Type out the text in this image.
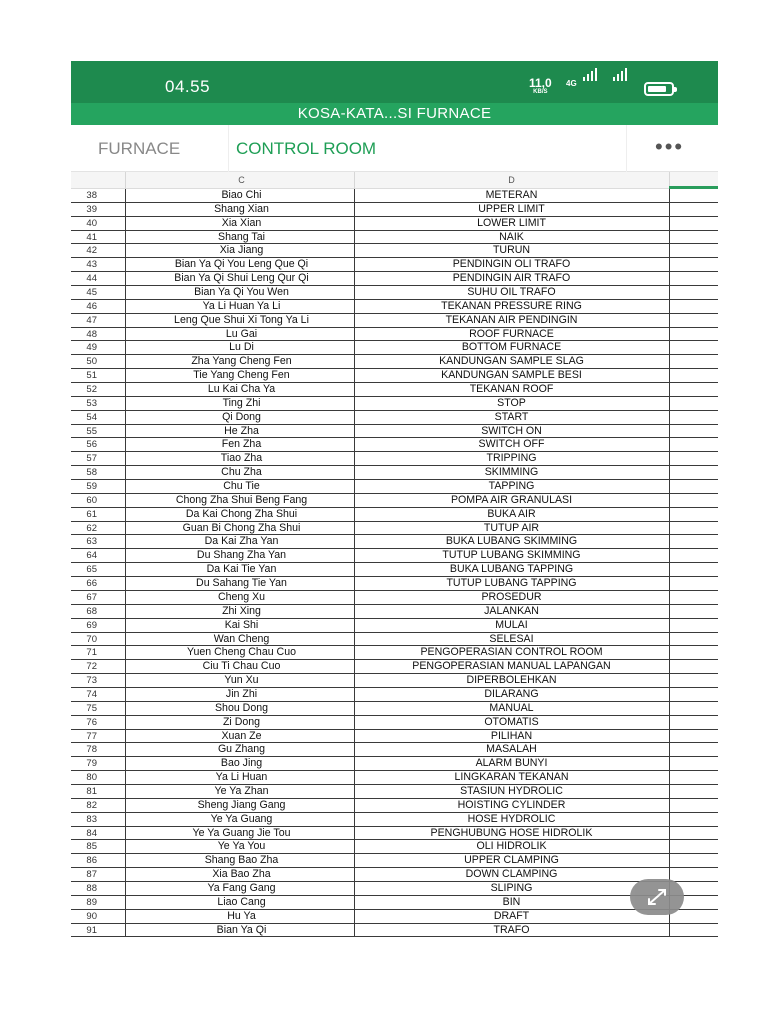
04.55	11,0
KB/S
4G
KOSA-KATA...SI FURNACE
FURNACE	CONTROL ROOM	•••
C	D
38	Biao Chi	METERAN
39	Shang Xian	UPPER LIMIT
40	Xia Xian	LOWER LIMIT
41	Shang Tai	NAIK
42	Xia Jiang	TURUN
43	Bian Ya Qi You Leng Que Qi	PENDINGIN OLI TRAFO
44	Bian Ya Qi Shui Leng Qur Qi	PENDINGIN AIR TRAFO
45	Bian Ya Qi You Wen	SUHU OIL TRAFO
46	Ya Li Huan Ya Li	TEKANAN PRESSURE RING
47	Leng Que Shui Xi Tong Ya Li	TEKANAN AIR PENDINGIN
48	Lu Gai	ROOF FURNACE
49	Lu Di	BOTTOM FURNACE
50	Zha Yang Cheng Fen	KANDUNGAN SAMPLE SLAG
51	Tie Yang Cheng Fen	KANDUNGAN SAMPLE BESI
52	Lu Kai Cha Ya	TEKANAN ROOF
53	Ting Zhi	STOP
54	Qi Dong	START
55	He Zha	SWITCH ON
56	Fen Zha	SWITCH OFF
57	Tiao Zha	TRIPPING
58	Chu Zha	SKIMMING
59	Chu Tie	TAPPING
60	Chong Zha Shui Beng Fang	POMPA AIR GRANULASI
61	Da Kai Chong Zha Shui	BUKA AIR
62	Guan Bi Chong Zha Shui	TUTUP AIR
63	Da Kai Zha Yan	BUKA LUBANG SKIMMING
64	Du Shang Zha Yan	TUTUP LUBANG SKIMMING
65	Da Kai Tie Yan	BUKA LUBANG TAPPING
66	Du Sahang Tie Yan	TUTUP LUBANG TAPPING
67	Cheng Xu	PROSEDUR
68	Zhi Xing	JALANKAN
69	Kai Shi	MULAI
70	Wan Cheng	SELESAI
71	Yuen Cheng Chau Cuo	PENGOPERASIAN CONTROL ROOM
72	Ciu Ti Chau Cuo	PENGOPERASIAN MANUAL LAPANGAN
73	Yun Xu	DIPERBOLEHKAN
74	Jin Zhi	DILARANG
75	Shou Dong	MANUAL
76	Zi Dong	OTOMATIS
77	Xuan Ze	PILIHAN
78	Gu Zhang	MASALAH
79	Bao Jing	ALARM BUNYI
80	Ya Li Huan	LINGKARAN TEKANAN
81	Ye Ya Zhan	STASIUN HYDROLIC
82	Sheng Jiang Gang	HOISTING CYLINDER
83	Ye Ya Guang	HOSE HYDROLIC
84	Ye Ya Guang Jie Tou	PENGHUBUNG HOSE HIDROLIK
85	Ye Ya You	OLI HIDROLIK
86	Shang Bao Zha	UPPER CLAMPING
87	Xia Bao Zha	DOWN CLAMPING
88	Ya Fang Gang	SLIPING
89	Liao Cang	BIN
90	Hu Ya	DRAFT
91	Bian Ya Qi	TRAFO
